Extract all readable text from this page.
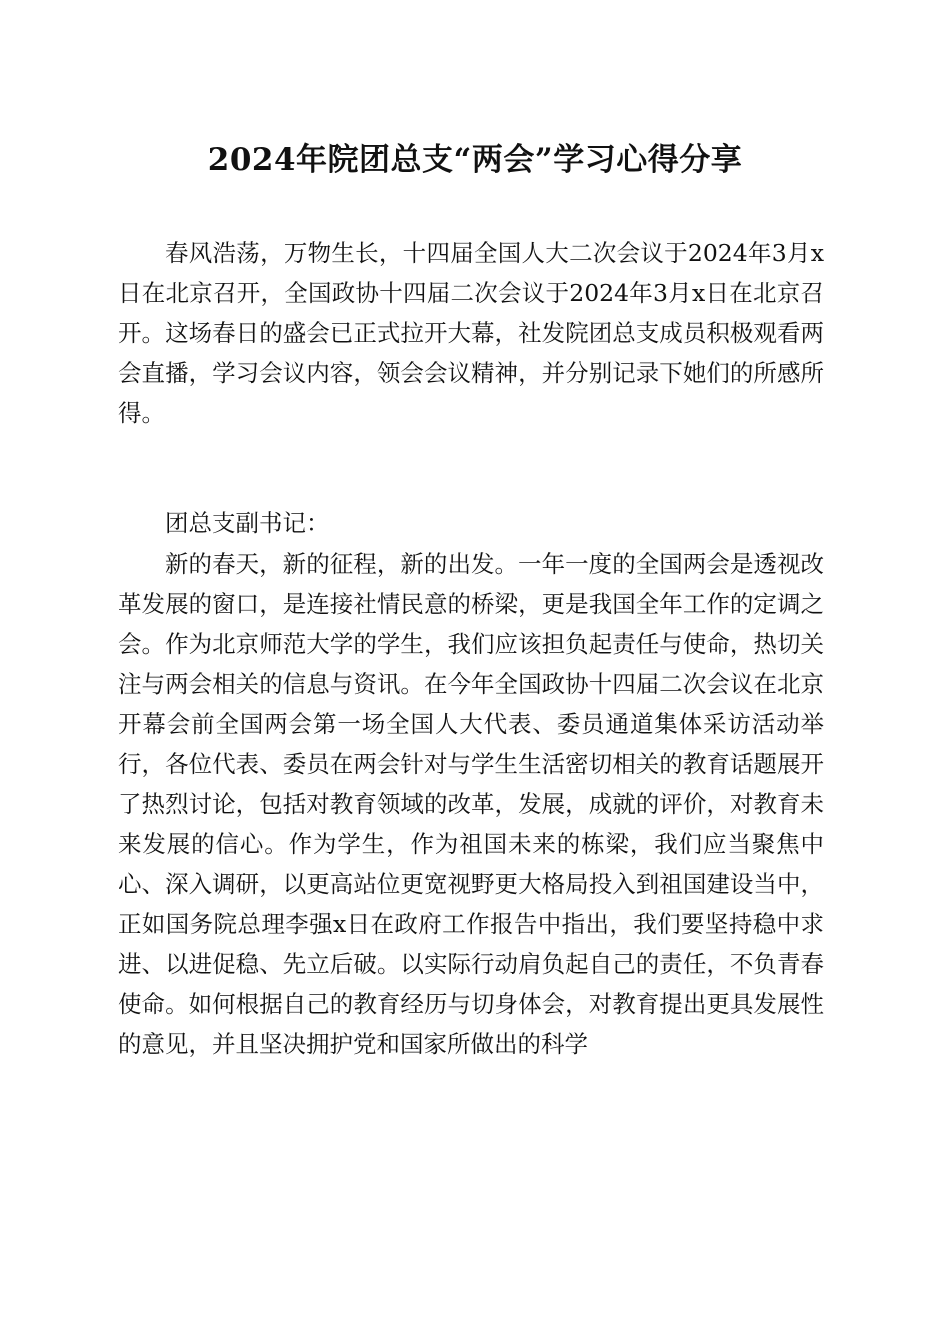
2024年院团总支“两会”学习心得分享

春风浩荡，万物生长，十四届全国人大二次会议于2024年3月x日在北京召开，全国政协十四届二次会议于2024年3月x日在北京召开。这场春日的盛会已正式拉开大幕，社发院团总支成员积极观看两会直播，学习会议内容，领会会议精神，并分别记录下她们的所感所得。

团总支副书记：

新的春天，新的征程，新的出发。一年一度的全国两会是透视改革发展的窗口，是连接社情民意的桥梁，更是我国全年工作的定调之会。作为北京师范大学的学生，我们应该担负起责任与使命，热切关注与两会相关的信息与资讯。在今年全国政协十四届二次会议在北京开幕会前全国两会第一场全国人大代表、委员通道集体采访活动举行，各位代表、委员在两会针对与学生生活密切相关的教育话题展开了热烈讨论，包括对教育领域的改革，发展，成就的评价，对教育未来发展的信心。作为学生，作为祖国未来的栋梁，我们应当聚焦中心、深入调研，以更高站位更宽视野更大格局投入到祖国建设当中，正如国务院总理李强x日在政府工作报告中指出，我们要坚持稳中求进、以进促稳、先立后破。以实际行动肩负起自己的责任，不负青春使命。如何根据自己的教育经历与切身体会，对教育提出更具发展性的意见，并且坚决拥护党和国家所做出的科学
